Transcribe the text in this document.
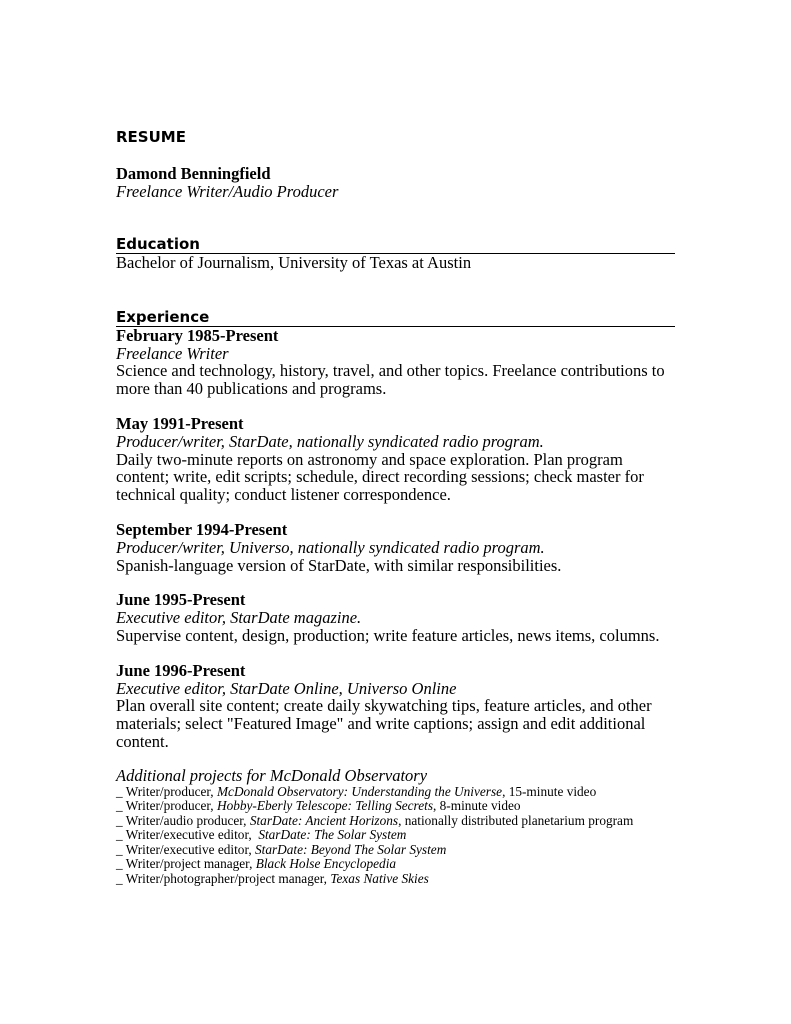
RESUME
Damond Benningfield
Freelance Writer/Audio Producer
Education
Bachelor of Journalism, University of Texas at Austin
Experience
February 1985-Present
Freelance Writer
Science and technology, history, travel, and other topics. Freelance contributions to more than 40 publications and programs.
May 1991-Present
Producer/writer, StarDate, nationally syndicated radio program.
Daily two-minute reports on astronomy and space exploration. Plan program content; write, edit scripts; schedule, direct recording sessions; check master for technical quality; conduct listener correspondence.
September 1994-Present
Producer/writer, Universo, nationally syndicated radio program.
Spanish-language version of StarDate, with similar responsibilities.
June 1995-Present
Executive editor, StarDate magazine.
Supervise content, design, production; write feature articles, news items, columns.
June 1996-Present
Executive editor, StarDate Online, Universo Online
Plan overall site content; create daily skywatching tips, feature articles, and other materials; select "Featured Image" and write captions; assign and edit additional content.
Additional projects for McDonald Observatory
_ Writer/producer, McDonald Observatory: Understanding the Universe, 15-minute video
_ Writer/producer, Hobby-Eberly Telescope: Telling Secrets, 8-minute video
_ Writer/audio producer, StarDate: Ancient Horizons, nationally distributed planetarium program
_ Writer/executive editor,  StarDate: The Solar System
_ Writer/executive editor, StarDate: Beyond The Solar System
_ Writer/project manager, Black Holse Encyclopedia
_ Writer/photographer/project manager, Texas Native Skies
